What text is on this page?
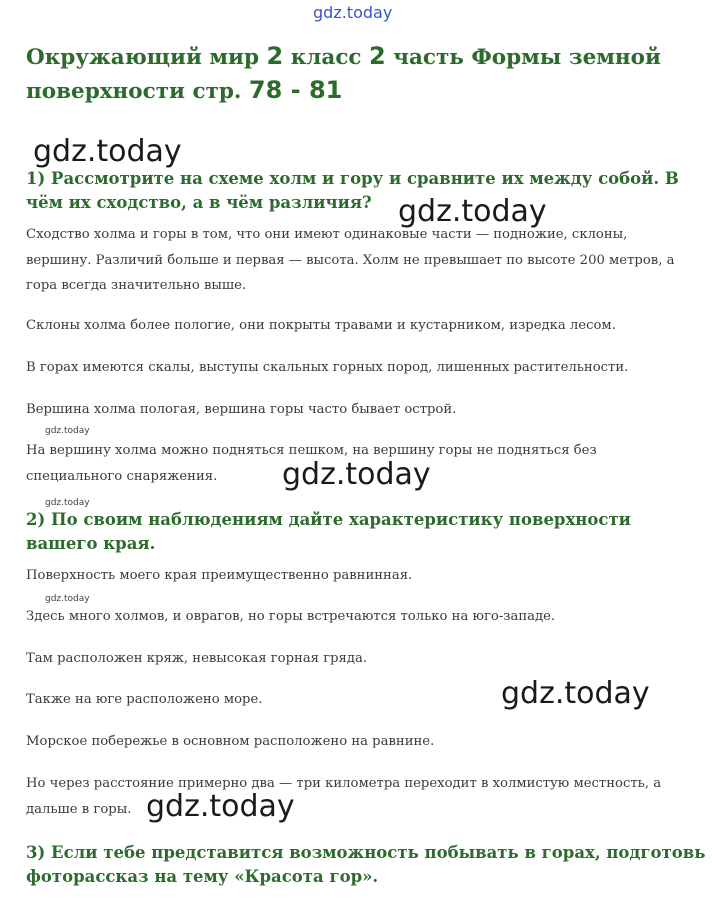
gdz.today
Окружающий мир 2 класс 2 часть Формы земной поверхности стр. 78 - 81
1) Рассмотрите на схеме холм и гору и сравните их между собой. В чём их сходство, а в чём различия?

Сходство холма и горы в том, что они имеют одинаковые части — подножие, склоны, вершину. Различий больше и первая — высота. Холм не превышает по высоте 200 метров, а гора всегда значительно выше.

Склоны холма более пологие, они покрыты травами и кустарником, изредка лесом.

В горах имеются скалы, выступы скальных горных пород, лишенных растительности.

Вершина холма пологая, вершина горы часто бывает острой.

На вершину холма можно подняться пешком, на вершину горы не подняться без специального снаряжения.

2) По своим наблюдениям дайте характеристику поверхности вашего края.

Поверхность моего края преимущественно равнинная.

Здесь много холмов, и оврагов, но горы встречаются только на юго-западе.

Там расположен кряж, невысокая горная гряда.

Также на юге расположено море.

Морское побережье в основном расположено на равнине.

Но через расстояние примерно два — три километра переходит в холмистую местность, а дальше в горы.

3) Если тебе представится возможность побывать в горах, подготовь фоторассказ на тему «Красота гор».
gdz.today
gdz.today
gdz.today
gdz.today
gdz.today
gdz.today
gdz.today
gdz.today
